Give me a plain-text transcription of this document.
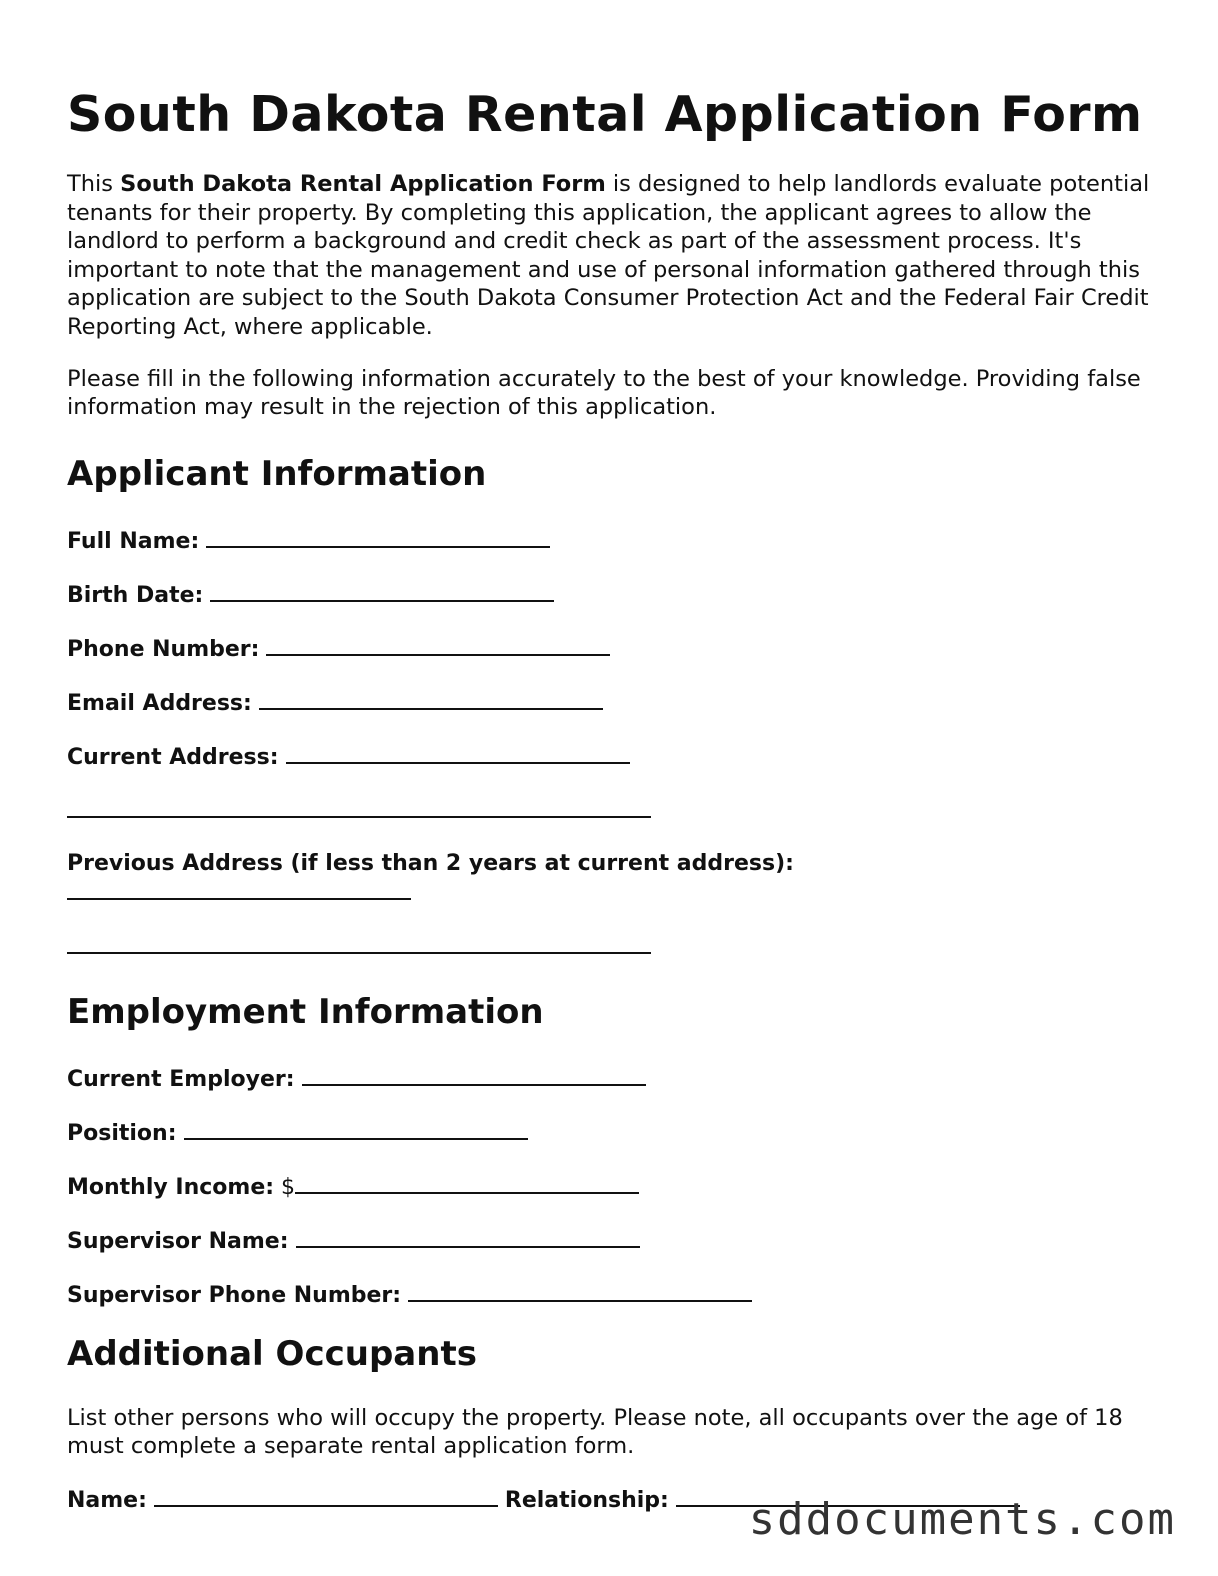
South Dakota Rental Application Form

This South Dakota Rental Application Form is designed to help landlords evaluate potential tenants for their property. By completing this application, the applicant agrees to allow the landlord to perform a background and credit check as part of the assessment process. It's important to note that the management and use of personal information gathered through this application are subject to the South Dakota Consumer Protection Act and the Federal Fair Credit Reporting Act, where applicable.

Please fill in the following information accurately to the best of your knowledge. Providing false information may result in the rejection of this application.

Applicant Information

Full Name:

Birth Date:

Phone Number:

Email Address:

Current Address:

Previous Address (if less than 2 years at current address):

Employment Information

Current Employer:

Position:

Monthly Income: $

Supervisor Name:

Supervisor Phone Number:

Additional Occupants

List other persons who will occupy the property. Please note, all occupants over the age of 18 must complete a separate rental application form.

Name:	Relationship:	sddocuments.com
